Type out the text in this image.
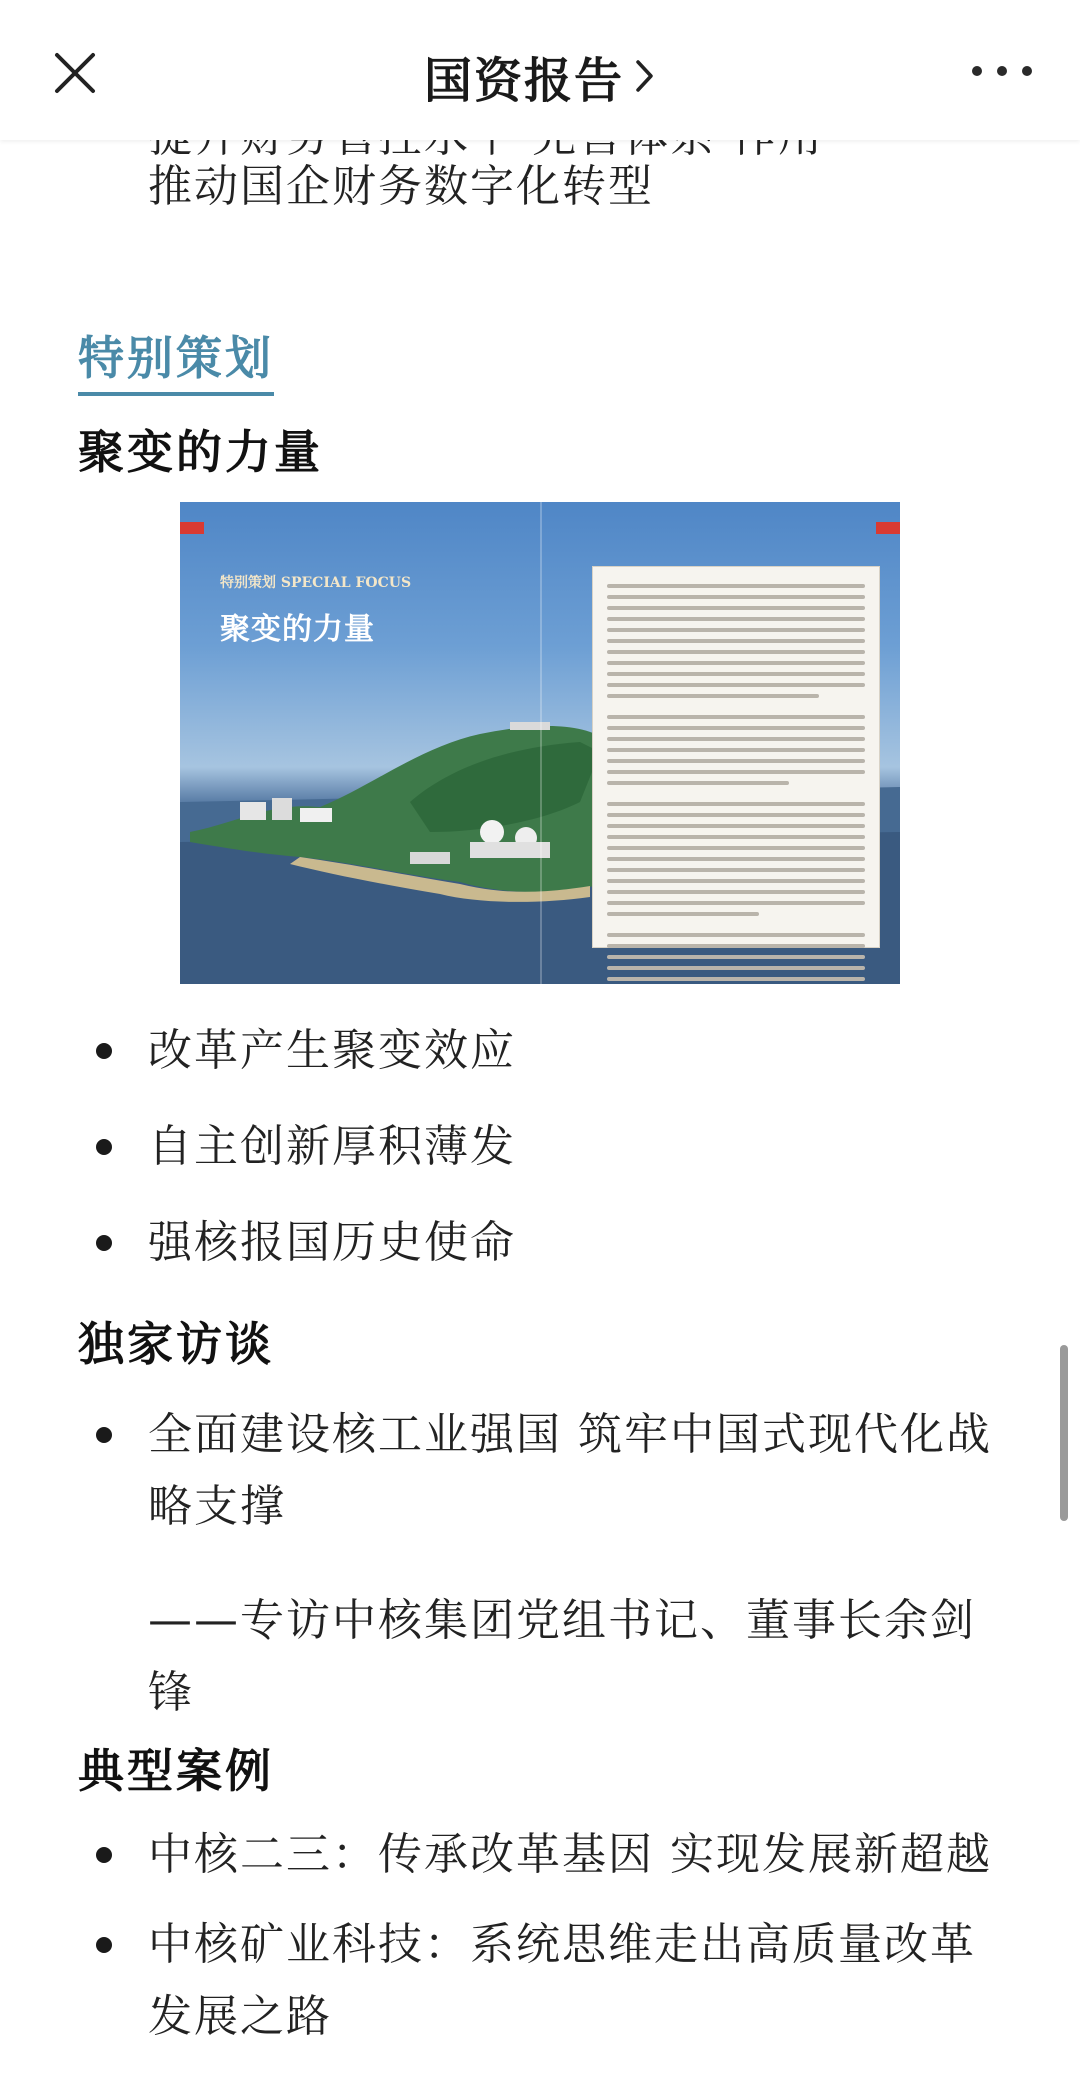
国资报告
推动国企财务数字化转型
特别策划
聚变的力量
特别策划 SPECIAL FOCUS
聚变的力量
改革产生聚变效应
自主创新厚积薄发
强核报国历史使命
独家访谈
全面建设核工业强国 筑牢中国式现代化战略支撑
——专访中核集团党组书记、董事长余剑锋
典型案例
中核二三：传承改革基因 实现发展新超越
中核矿业科技：系统思维走出高质量改革发展之路
